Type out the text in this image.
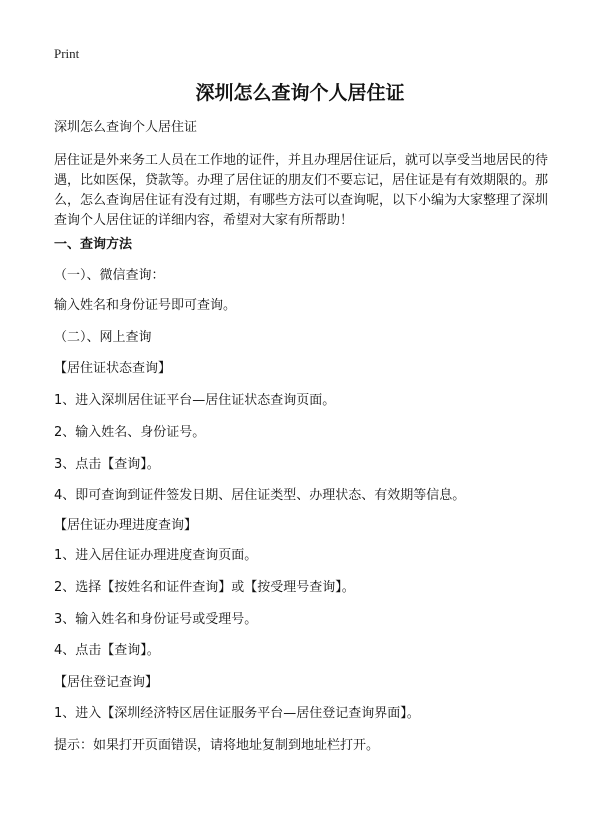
Print
深圳怎么查询个人居住证

深圳怎么查询个人居住证

居住证是外来务工人员在工作地的证件，并且办理居住证后，就可以享受当地居民的待遇，比如医保，贷款等。办理了居住证的朋友们不要忘记，居住证是有有效期限的。那么，怎么查询居住证有没有过期，有哪些方法可以查询呢，以下小编为大家整理了深圳查询个人居住证的详细内容，希望对大家有所帮助！

一、查询方法

（一）、微信查询：

输入姓名和身份证号即可查询。

（二）、网上查询

【居住证状态查询】

1、进入深圳居住证平台—居住证状态查询页面。

2、输入姓名、身份证号。

3、点击【查询】。

4、即可查询到证件签发日期、居住证类型、办理状态、有效期等信息。

【居住证办理进度查询】

1、进入居住证办理进度查询页面。

2、选择【按姓名和证件查询】或【按受理号查询】。

3、输入姓名和身份证号或受理号。

4、点击【查询】。

【居住登记查询】

1、进入【深圳经济特区居住证服务平台—居住登记查询界面】。

提示：如果打开页面错误，请将地址复制到地址栏打开。
